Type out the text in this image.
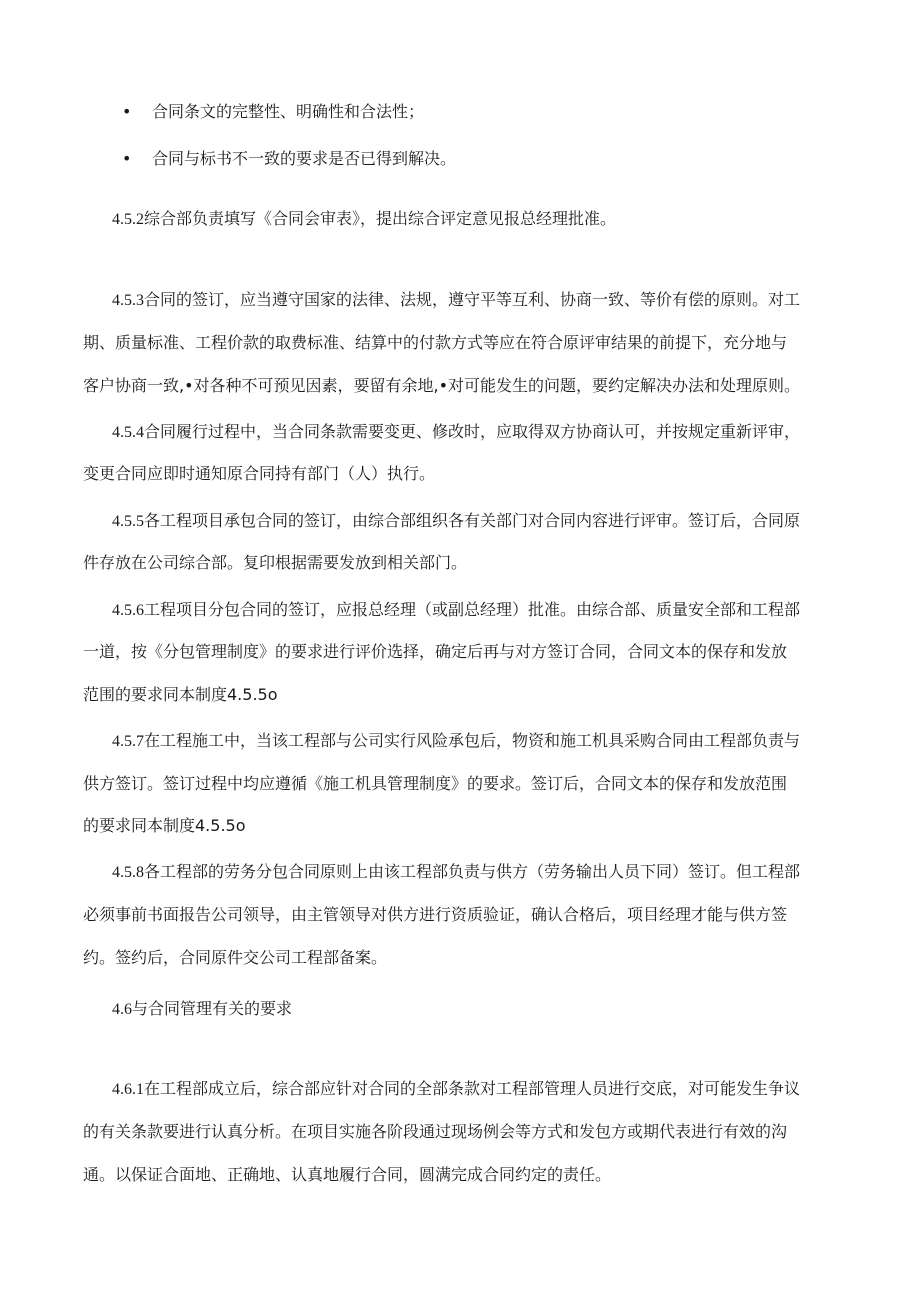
• 合同条文的完整性、明确性和合法性；
• 合同与标书不一致的要求是否已得到解决。
4.5.2综合部负责填写《合同会审表》，提出综合评定意见报总经理批准。
4.5.3合同的签订，应当遵守国家的法律、法规，遵守平等互利、协商一致、等价有偿的原则。对工
期、质量标准、工程价款的取费标准、结算中的付款方式等应在符合原评审结果的前提下，充分地与
客户协商一致,•对各种不可预见因素，要留有余地,•对可能发生的问题，要约定解决办法和处理原则。
4.5.4合同履行过程中，当合同条款需要变更、修改时，应取得双方协商认可，并按规定重新评审，
变更合同应即时通知原合同持有部门（人）执行。
4.5.5各工程项目承包合同的签订，由综合部组织各有关部门对合同内容进行评审。签订后，合同原
件存放在公司综合部。复印根据需要发放到相关部门。
4.5.6工程项目分包合同的签订，应报总经理（或副总经理）批准。由综合部、质量安全部和工程部
一道，按《分包管理制度》的要求进行评价选择，确定后再与对方签订合同，合同文本的保存和发放
范围的要求同本制度4.5.5o
4.5.7在工程施工中，当该工程部与公司实行风险承包后，物资和施工机具采购合同由工程部负责与
供方签订。签订过程中均应遵循《施工机具管理制度》的要求。签订后，合同文本的保存和发放范围
的要求同本制度4.5.5o
4.5.8各工程部的劳务分包合同原则上由该工程部负责与供方（劳务输出人员下同）签订。但工程部
必须事前书面报告公司领导，由主管领导对供方进行资质验证，确认合格后，项目经理才能与供方签
约。签约后，合同原件交公司工程部备案。
4.6与合同管理有关的要求
4.6.1在工程部成立后，综合部应针对合同的全部条款对工程部管理人员进行交底，对可能发生争议
的有关条款要进行认真分析。在项目实施各阶段通过现场例会等方式和发包方或期代表进行有效的沟
通。以保证合面地、正确地、认真地履行合同，圆满完成合同约定的责任。
